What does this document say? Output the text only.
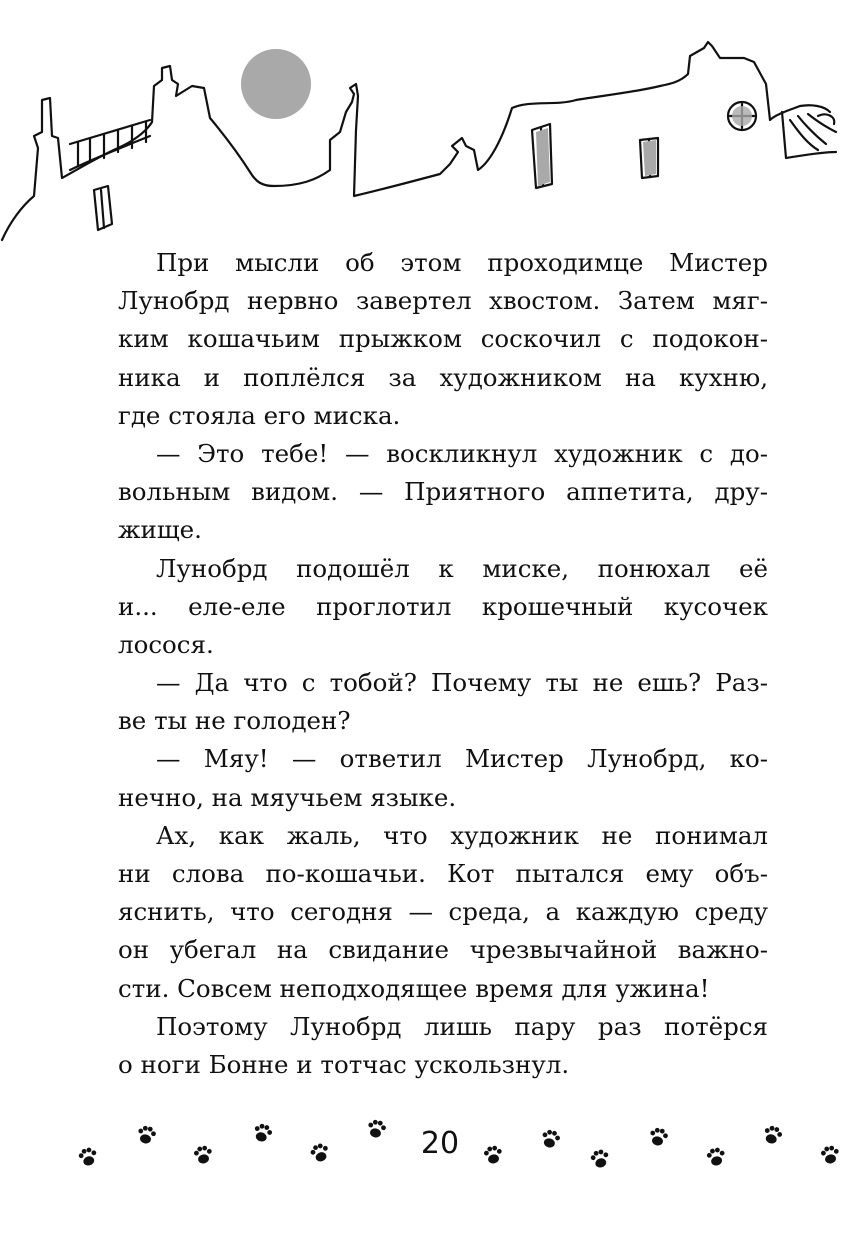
При мысли об этом проходимце Мистер
Лунобрд нервно завертел хвостом. Затем мяг-
ким кошачьим прыжком соскочил с подокон-
ника и поплёлся за художником на кухню,
где стояла его миска.
— Это тебе! — воскликнул художник с до-
вольным видом. — Приятного аппетита, дру-
жище.
Лунобрд подошёл к миске, понюхал её
и... еле-еле проглотил крошечный кусочек
лосося.
— Да что с тобой? Почему ты не ешь? Раз-
ве ты не голоден?
— Мяу! — ответил Мистер Лунобрд, ко-
нечно, на мяучьем языке.
Ах, как жаль, что художник не понимал
ни слова по-кошачьи. Кот пытался ему объ-
яснить, что сегодня — среда, а каждую среду
он убегал на свидание чрезвычайной важно-
сти. Совсем неподходящее время для ужина!
Поэтому Лунобрд лишь пару раз потёрся
о ноги Бонне и тотчас ускользнул.
20
